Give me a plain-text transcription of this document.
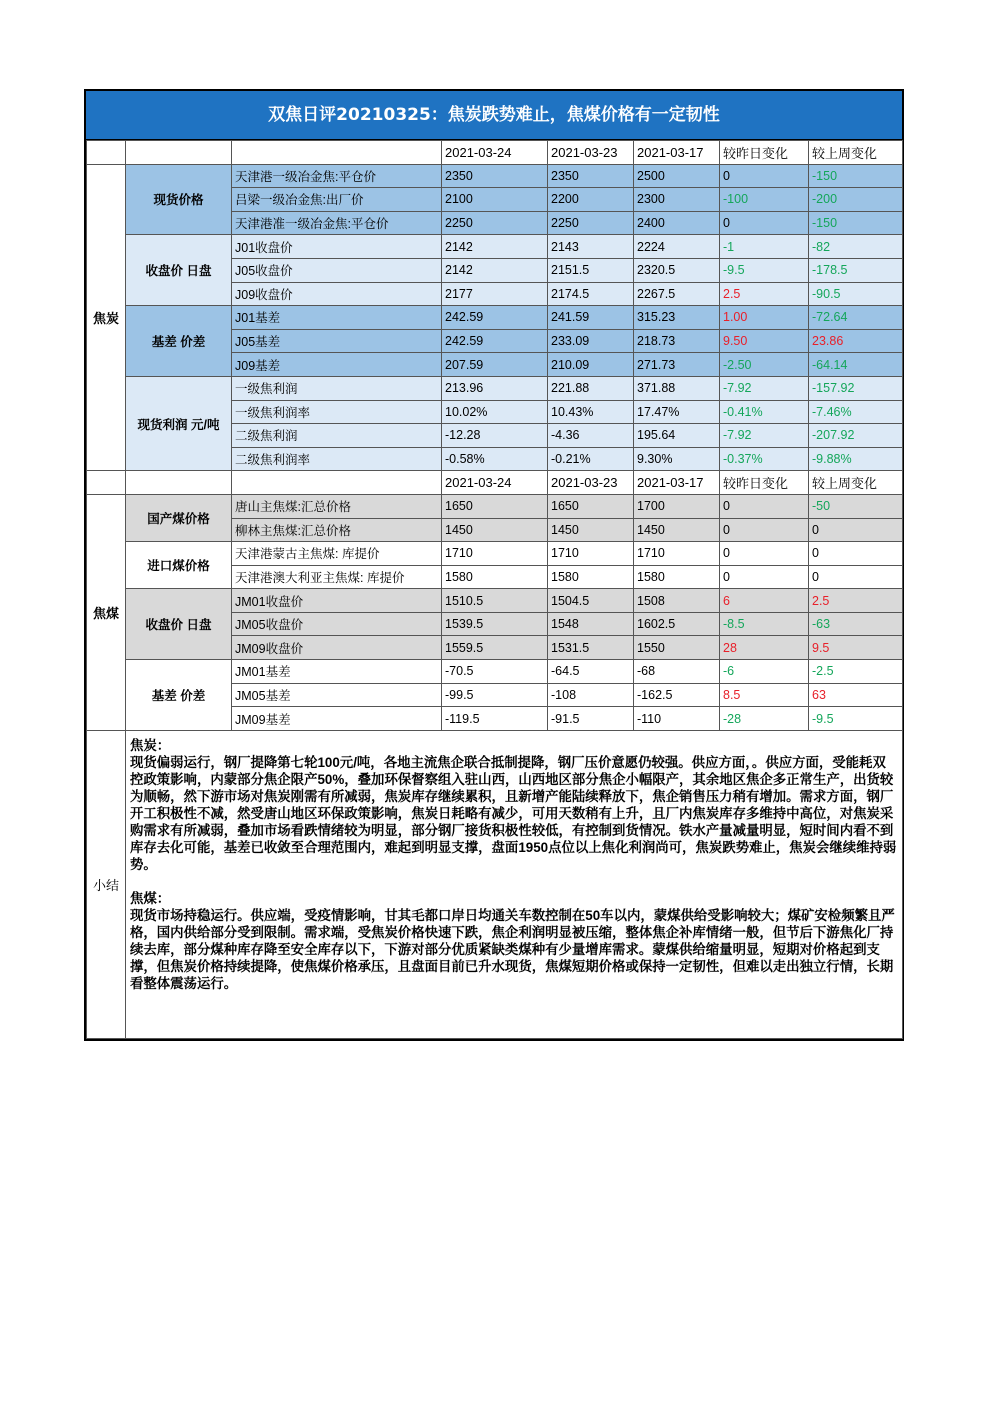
双焦日评20210325：焦炭跌势难止，焦煤价格有一定韧性
			2021-03-24	2021-03-23	2021-03-17	较昨日变化	较上周变化
焦炭	现货价格	天津港一级冶金焦:平仓价	2350	2350	2500	0	-150
		吕梁一级冶金焦:出厂价	2100	2200	2300	-100	-200
		天津港准一级冶金焦:平仓价	2250	2250	2400	0	-150
	收盘价 日盘	J01收盘价	2142	2143	2224	-1	-82
		J05收盘价	2142	2151.5	2320.5	-9.5	-178.5
		J09收盘价	2177	2174.5	2267.5	2.5	-90.5
	基差 价差	J01基差	242.59	241.59	315.23	1.00	-72.64
		J05基差	242.59	233.09	218.73	9.50	23.86
		J09基差	207.59	210.09	271.73	-2.50	-64.14
	现货利润 元/吨	一级焦利润	213.96	221.88	371.88	-7.92	-157.92
		一级焦利润率	10.02%	10.43%	17.47%	-0.41%	-7.46%
		二级焦利润	-12.28	-4.36	195.64	-7.92	-207.92
		二级焦利润率	-0.58%	-0.21%	9.30%	-0.37%	-9.88%
			2021-03-24	2021-03-23	2021-03-17	较昨日变化	较上周变化
焦煤	国产煤价格	唐山主焦煤:汇总价格	1650	1650	1700	0	-50
		柳林主焦煤:汇总价格	1450	1450	1450	0	0
	进口煤价格	天津港蒙古主焦煤: 库提价	1710	1710	1710	0	0
		天津港澳大利亚主焦煤: 库提价	1580	1580	1580	0	0
	收盘价 日盘	JM01收盘价	1510.5	1504.5	1508	6	2.5
		JM05收盘价	1539.5	1548	1602.5	-8.5	-63
		JM09收盘价	1559.5	1531.5	1550	28	9.5
	基差 价差	JM01基差	-70.5	-64.5	-68	-6	-2.5
		JM05基差	-99.5	-108	-162.5	8.5	63
		JM09基差	-119.5	-91.5	-110	-28	-9.5
小结	焦炭：
现货偏弱运行，钢厂提降第七轮100元/吨，各地主流焦企联合抵制提降，钢厂压价意愿仍较强。供应方面，。供应方面，受能耗双控政策影响，内蒙部分焦企限产50%，叠加环保督察组入驻山西，山西地区部分焦企小幅限产，其余地区焦企多正常生产，出货较为顺畅，然下游市场对焦炭刚需有所减弱，焦炭库存继续累积，且新增产能陆续释放下，焦企销售压力稍有增加。需求方面，钢厂开工积极性不减，然受唐山地区环保政策影响，焦炭日耗略有减少，可用天数稍有上升，且厂内焦炭库存多维持中高位，对焦炭采购需求有所减弱，叠加市场看跌情绪较为明显，部分钢厂接货积极性较低，有控制到货情况。铁水产量减量明显，短时间内看不到库存去化可能，基差已收敛至合理范围内，难起到明显支撑，盘面1950点位以上焦化利润尚可，焦炭跌势难止，焦炭会继续维持弱势。
焦煤：
现货市场持稳运行。供应端，受疫情影响，甘其毛都口岸日均通关车数控制在50车以内，蒙煤供给受影响较大；煤矿安检频繁且严格，国内供给部分受到限制。需求端，受焦炭价格快速下跌，焦企利润明显被压缩，整体焦企补库情绪一般，但节后下游焦化厂持续去库，部分煤种库存降至安全库存以下，下游对部分优质紧缺类煤种有少量增库需求。蒙煤供给缩量明显，短期对价格起到支撑，但焦炭价格持续提降，使焦煤价格承压，且盘面目前已升水现货，焦煤短期价格或保持一定韧性，但难以走出独立行情，长期看整体震荡运行。						
